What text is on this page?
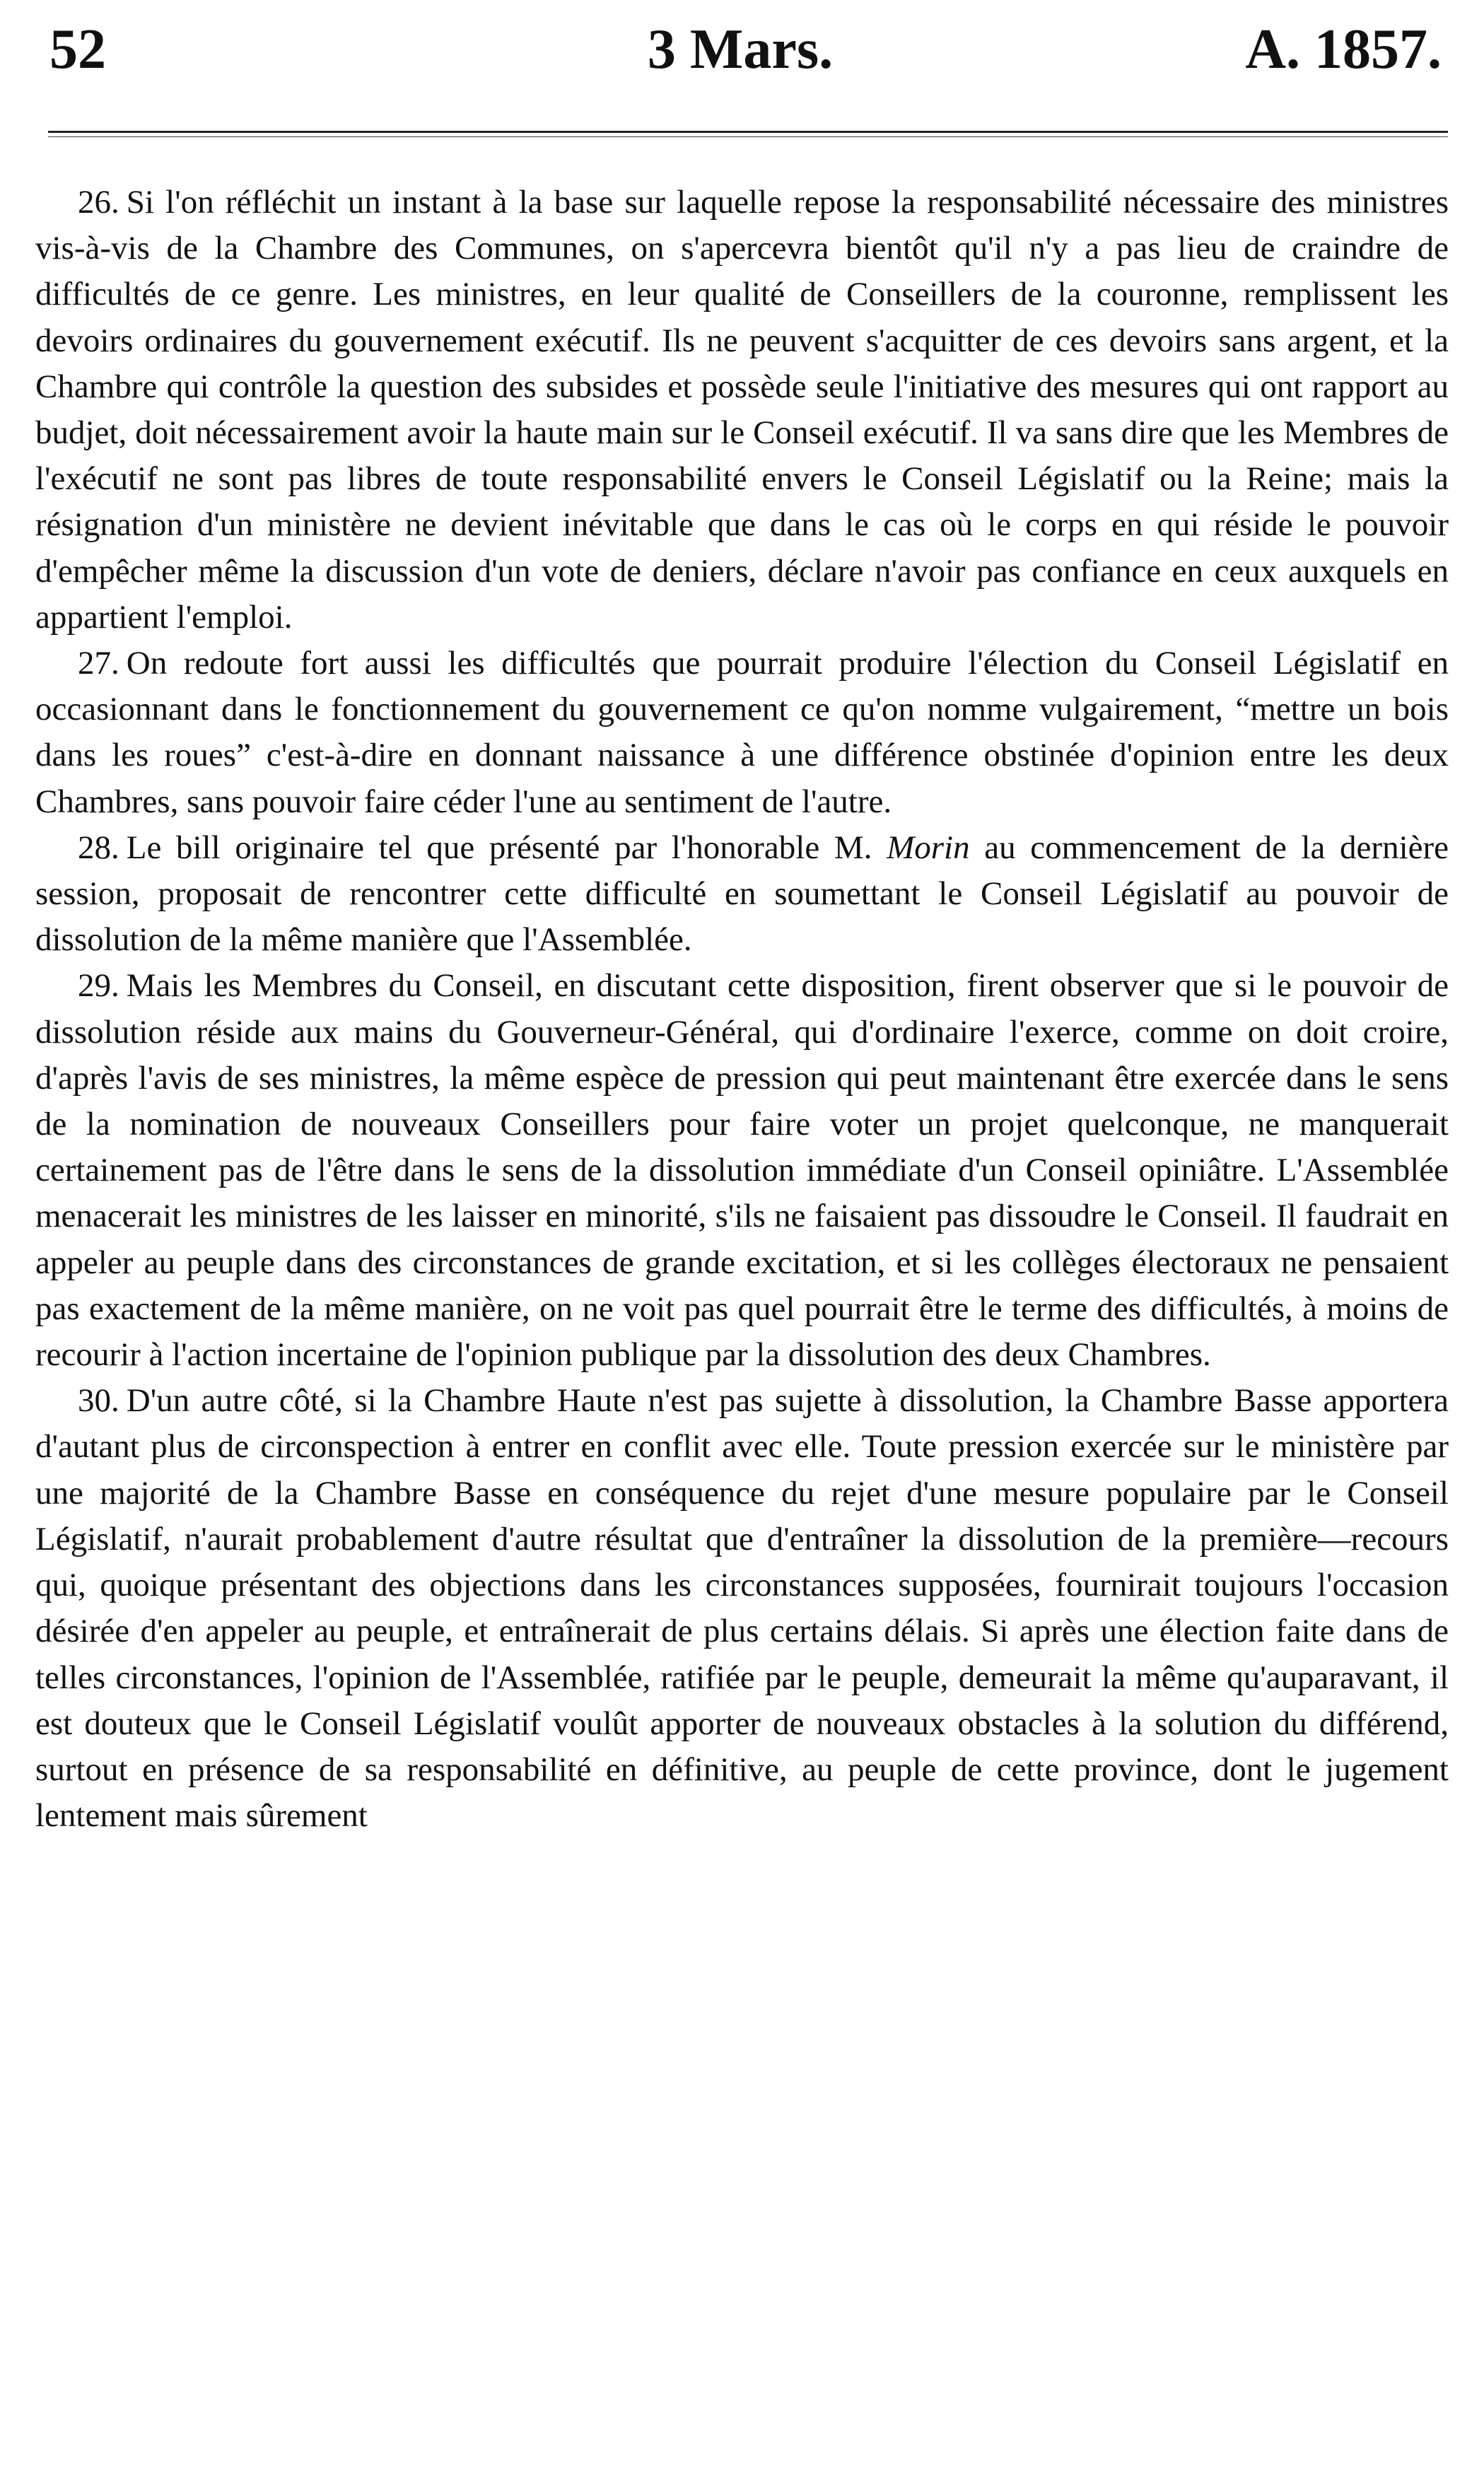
52	3 Mars.	A. 1857.

26. Si l'on réfléchit un instant à la base sur laquelle repose la responsabilité nécessaire des ministres vis-à-vis de la Chambre des Communes, on s'apercevra bientôt qu'il n'y a pas lieu de craindre de difficultés de ce genre. Les ministres, en leur qualité de Conseillers de la couronne, remplissent les devoirs ordinaires du gouvernement exécutif. Ils ne peuvent s'acquitter de ces devoirs sans argent, et la Chambre qui contrôle la question des subsides et possède seule l'initiative des mesures qui ont rapport au budjet, doit nécessairement avoir la haute main sur le Conseil exécutif. Il va sans dire que les Membres de l'exécutif ne sont pas libres de toute responsabilité envers le Conseil Législatif ou la Reine; mais la résignation d'un ministère ne devient inévitable que dans le cas où le corps en qui réside le pouvoir d'empêcher même la discussion d'un vote de deniers, déclare n'avoir pas confiance en ceux auxquels en appartient l'emploi.

27. On redoute fort aussi les difficultés que pourrait produire l'élection du Conseil Législatif en occasionnant dans le fonctionnement du gouvernement ce qu'on nomme vulgairement, “mettre un bois dans les roues” c'est-à-dire en donnant naissance à une différence obstinée d'opinion entre les deux Chambres, sans pouvoir faire céder l'une au sentiment de l'autre.

28. Le bill originaire tel que présenté par l'honorable M. Morin au commencement de la dernière session, proposait de rencontrer cette difficulté en soumettant le Conseil Législatif au pouvoir de dissolution de la même manière que l'Assemblée.

29. Mais les Membres du Conseil, en discutant cette disposition, firent observer que si le pouvoir de dissolution réside aux mains du Gouverneur-Général, qui d'ordinaire l'exerce, comme on doit croire, d'après l'avis de ses ministres, la même espèce de pression qui peut maintenant être exercée dans le sens de la nomination de nouveaux Conseillers pour faire voter un projet quelconque, ne manquerait certainement pas de l'être dans le sens de la dissolution immédiate d'un Conseil opiniâtre. L'Assemblée menacerait les ministres de les laisser en minorité, s'ils ne faisaient pas dissoudre le Conseil. Il faudrait en appeler au peuple dans des circonstances de grande excitation, et si les collèges électoraux ne pensaient pas exactement de la même manière, on ne voit pas quel pourrait être le terme des difficultés, à moins de recourir à l'action incertaine de l'opinion publique par la dissolution des deux Chambres.

30. D'un autre côté, si la Chambre Haute n'est pas sujette à dissolution, la Chambre Basse apportera d'autant plus de circonspection à entrer en conflit avec elle. Toute pression exercée sur le ministère par une majorité de la Chambre Basse en conséquence du rejet d'une mesure populaire par le Conseil Législatif, n'aurait probablement d'autre résultat que d'entraîner la dissolution de la première—recours qui, quoique présentant des objections dans les circonstances supposées, fournirait toujours l'occasion désirée d'en appeler au peuple, et entraînerait de plus certains délais. Si après une élection faite dans de telles circonstances, l'opinion de l'Assemblée, ratifiée par le peuple, demeurait la même qu'auparavant, il est douteux que le Conseil Législatif voulût apporter de nouveaux obstacles à la solution du différend, surtout en présence de sa responsabilité en définitive, au peuple de cette province, dont le jugement lentement mais sûrement
